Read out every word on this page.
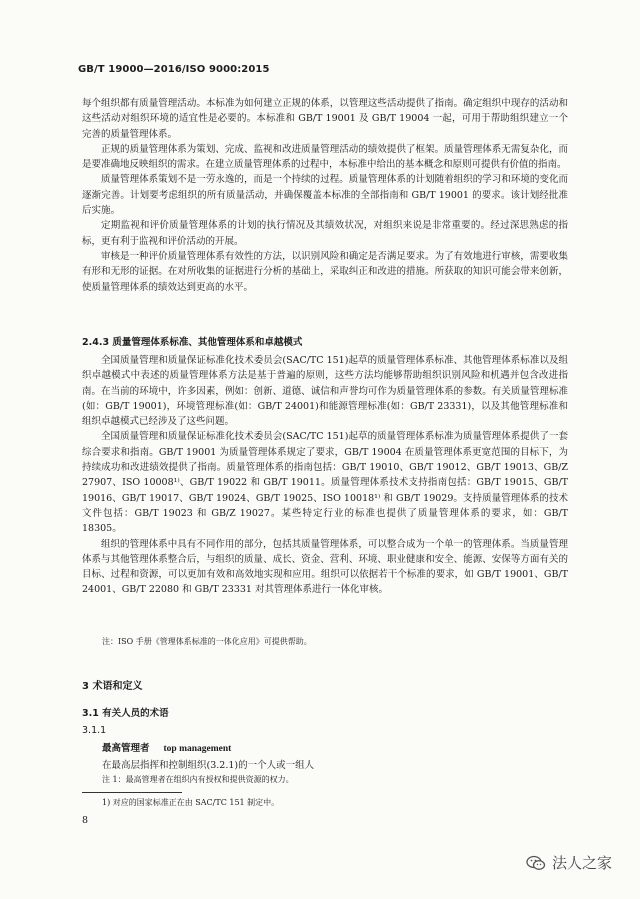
GB/T 19000—2016/ISO 9000:2015

每个组织都有质量管理活动。本标准为如何建立正规的体系，以管理这些活动提供了指南。确定组织中现存的活动和这些活动对组织环境的适宜性是必要的。本标准和 GB/T 19001 及 GB/T 19004 一起，可用于帮助组织建立一个完善的质量管理体系。

正规的质量管理体系为策划、完成、监视和改进质量管理活动的绩效提供了框架。质量管理体系无需复杂化，而是要准确地反映组织的需求。在建立质量管理体系的过程中，本标准中给出的基本概念和原则可提供有价值的指南。

质量管理体系策划不是一劳永逸的，而是一个持续的过程。质量管理体系的计划随着组织的学习和环境的变化而逐渐完善。计划要考虑组织的所有质量活动，并确保覆盖本标准的全部指南和 GB/T 19001 的要求。该计划经批准后实施。

定期监视和评价质量管理体系的计划的执行情况及其绩效状况，对组织来说是非常重要的。经过深思熟虑的指标，更有利于监视和评价活动的开展。

审核是一种评价质量管理体系有效性的方法，以识别风险和确定是否满足要求。为了有效地进行审核，需要收集有形和无形的证据。在对所收集的证据进行分析的基础上，采取纠正和改进的措施。所获取的知识可能会带来创新，使质量管理体系的绩效达到更高的水平。

2.4.3 质量管理体系标准、其他管理体系和卓越模式

全国质量管理和质量保证标准化技术委员会(SAC/TC 151)起草的质量管理体系标准、其他管理体系标准以及组织卓越模式中表述的质量管理体系方法是基于普遍的原则，这些方法均能够帮助组织识别风险和机遇并包含改进指南。在当前的环境中，许多因素，例如：创新、道德、诚信和声誉均可作为质量管理体系的参数。有关质量管理标准(如：GB/T 19001)，环境管理标准(如：GB/T 24001)和能源管理标准(如：GB/T 23331)，以及其他管理标准和组织卓越模式已经涉及了这些问题。

全国质量管理和质量保证标准化技术委员会(SAC/TC 151)起草的质量管理体系标准为质量管理体系提供了一套综合要求和指南。GB/T 19001 为质量管理体系规定了要求，GB/T 19004 在质量管理体系更宽范围的目标下，为持续成功和改进绩效提供了指南。质量管理体系的指南包括：GB/T 19010、GB/T 19012、GB/T 19013、GB/Z 27907、ISO 10008¹⁾、GB/T 19022 和 GB/T 19011。质量管理体系技术支持指南包括：GB/T 19015、GB/T 19016、GB/T 19017、GB/T 19024、GB/T 19025、ISO 10018¹⁾ 和 GB/T 19029。支持质量管理体系的技术文件包括：GB/T 19023 和 GB/Z 19027。某些特定行业的标准也提供了质量管理体系的要求，如：GB/T 18305。

组织的管理体系中具有不同作用的部分，包括其质量管理体系，可以整合成为一个单一的管理体系。当质量管理体系与其他管理体系整合后，与组织的质量、成长、资金、营利、环境、职业健康和安全、能源、安保等方面有关的目标、过程和资源，可以更加有效和高效地实现和应用。组织可以依据若干个标准的要求，如 GB/T 19001、GB/T 24001、GB/T 22080 和 GB/T 23331 对其管理体系进行一体化审核。

注：ISO 手册《管理体系标准的一体化应用》可提供帮助。
3 术语和定义
3.1 有关人员的术语
3.1.1
最高管理者 top management
在最高层指挥和控制组织(3.2.1)的一个人或一组人
注 1：最高管理者在组织内有授权和提供资源的权力。
1) 对应的国家标准正在由 SAC/TC 151 制定中。
8
法人之家
